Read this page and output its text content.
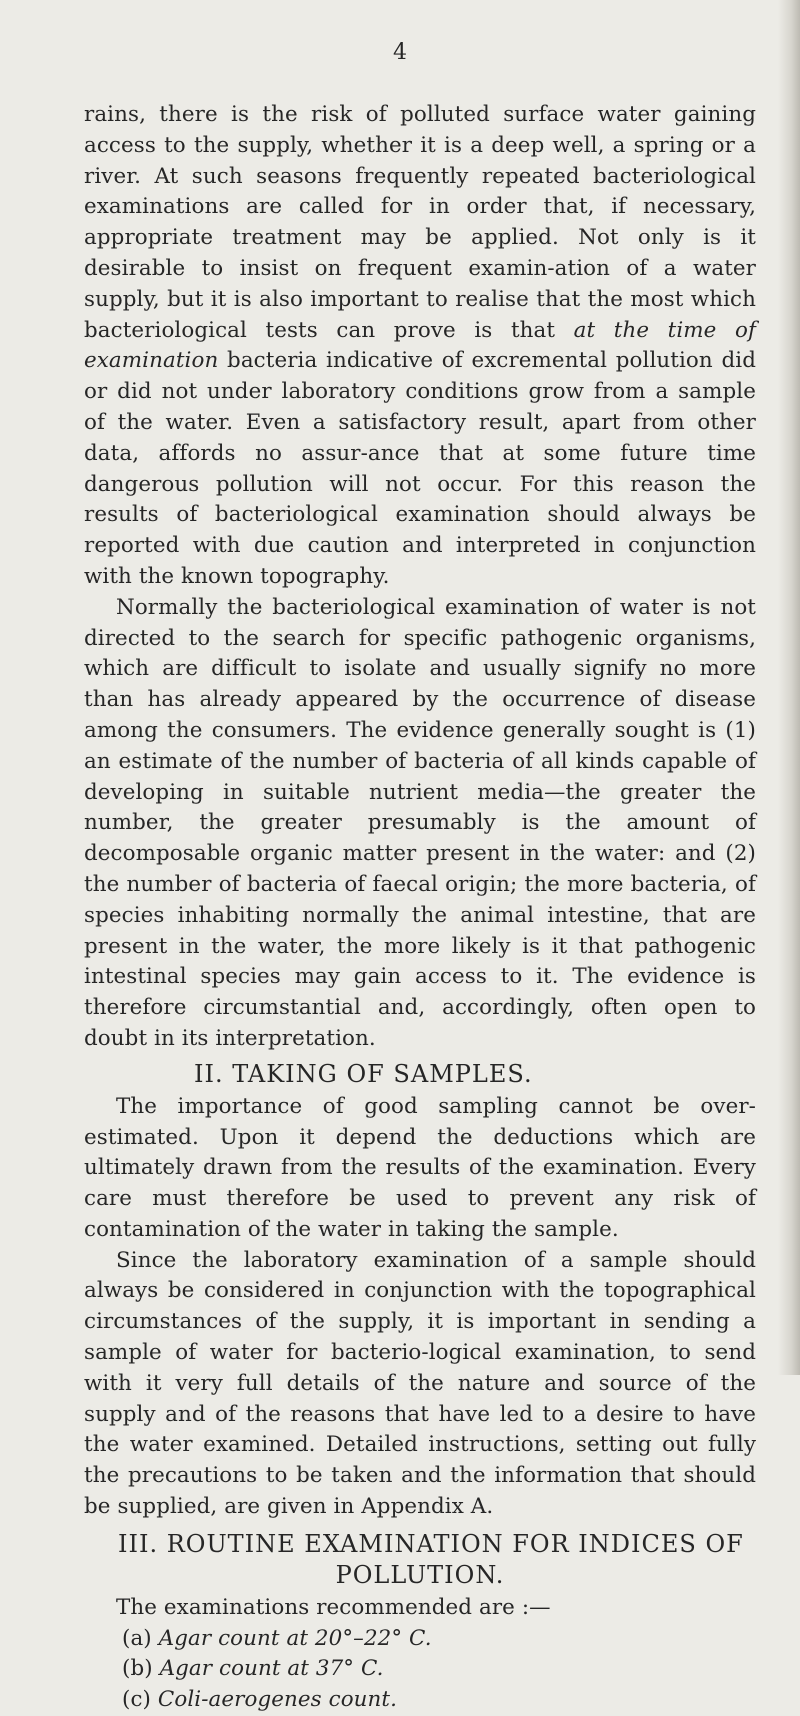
4

rains, there is the risk of polluted surface water gaining access to the supply, whether it is a deep well, a spring or a river. At such seasons frequently repeated bacteriological examinations are called for in order that, if necessary, appropriate treatment may be applied. Not only is it desirable to insist on frequent examin-ation of a water supply, but it is also important to realise that the most which bacteriological tests can prove is that at the time of examination bacteria indicative of excremental pollution did or did not under laboratory conditions grow from a sample of the water. Even a satisfactory result, apart from other data, affords no assur-ance that at some future time dangerous pollution will not occur. For this reason the results of bacteriological examination should always be reported with due caution and interpreted in conjunction with the known topography.

Normally the bacteriological examination of water is not directed to the search for specific pathogenic organisms, which are difficult to isolate and usually signify no more than has already appeared by the occurrence of disease among the consumers. The evidence generally sought is (1) an estimate of the number of bacteria of all kinds capable of developing in suitable nutrient media—the greater the number, the greater presumably is the amount of decomposable organic matter present in the water: and (2) the number of bacteria of faecal origin; the more bacteria, of species inhabiting normally the animal intestine, that are present in the water, the more likely is it that pathogenic intestinal species may gain access to it. The evidence is therefore circumstantial and, accordingly, often open to doubt in its interpretation.

II. TAKING OF SAMPLES.

The importance of good sampling cannot be over-estimated. Upon it depend the deductions which are ultimately drawn from the results of the examination. Every care must therefore be used to prevent any risk of contamination of the water in taking the sample.

Since the laboratory examination of a sample should always be considered in conjunction with the topographical circumstances of the supply, it is important in sending a sample of water for bacterio-logical examination, to send with it very full details of the nature and source of the supply and of the reasons that have led to a desire to have the water examined. Detailed instructions, setting out fully the precautions to be taken and the information that should be supplied, are given in Appendix A.

III. ROUTINE EXAMINATION FOR INDICES OF
POLLUTION.

The examinations recommended are :—

(a) Agar count at 20°–22° C.
(b) Agar count at 37° C.
(c) Coli-aerogenes count.
